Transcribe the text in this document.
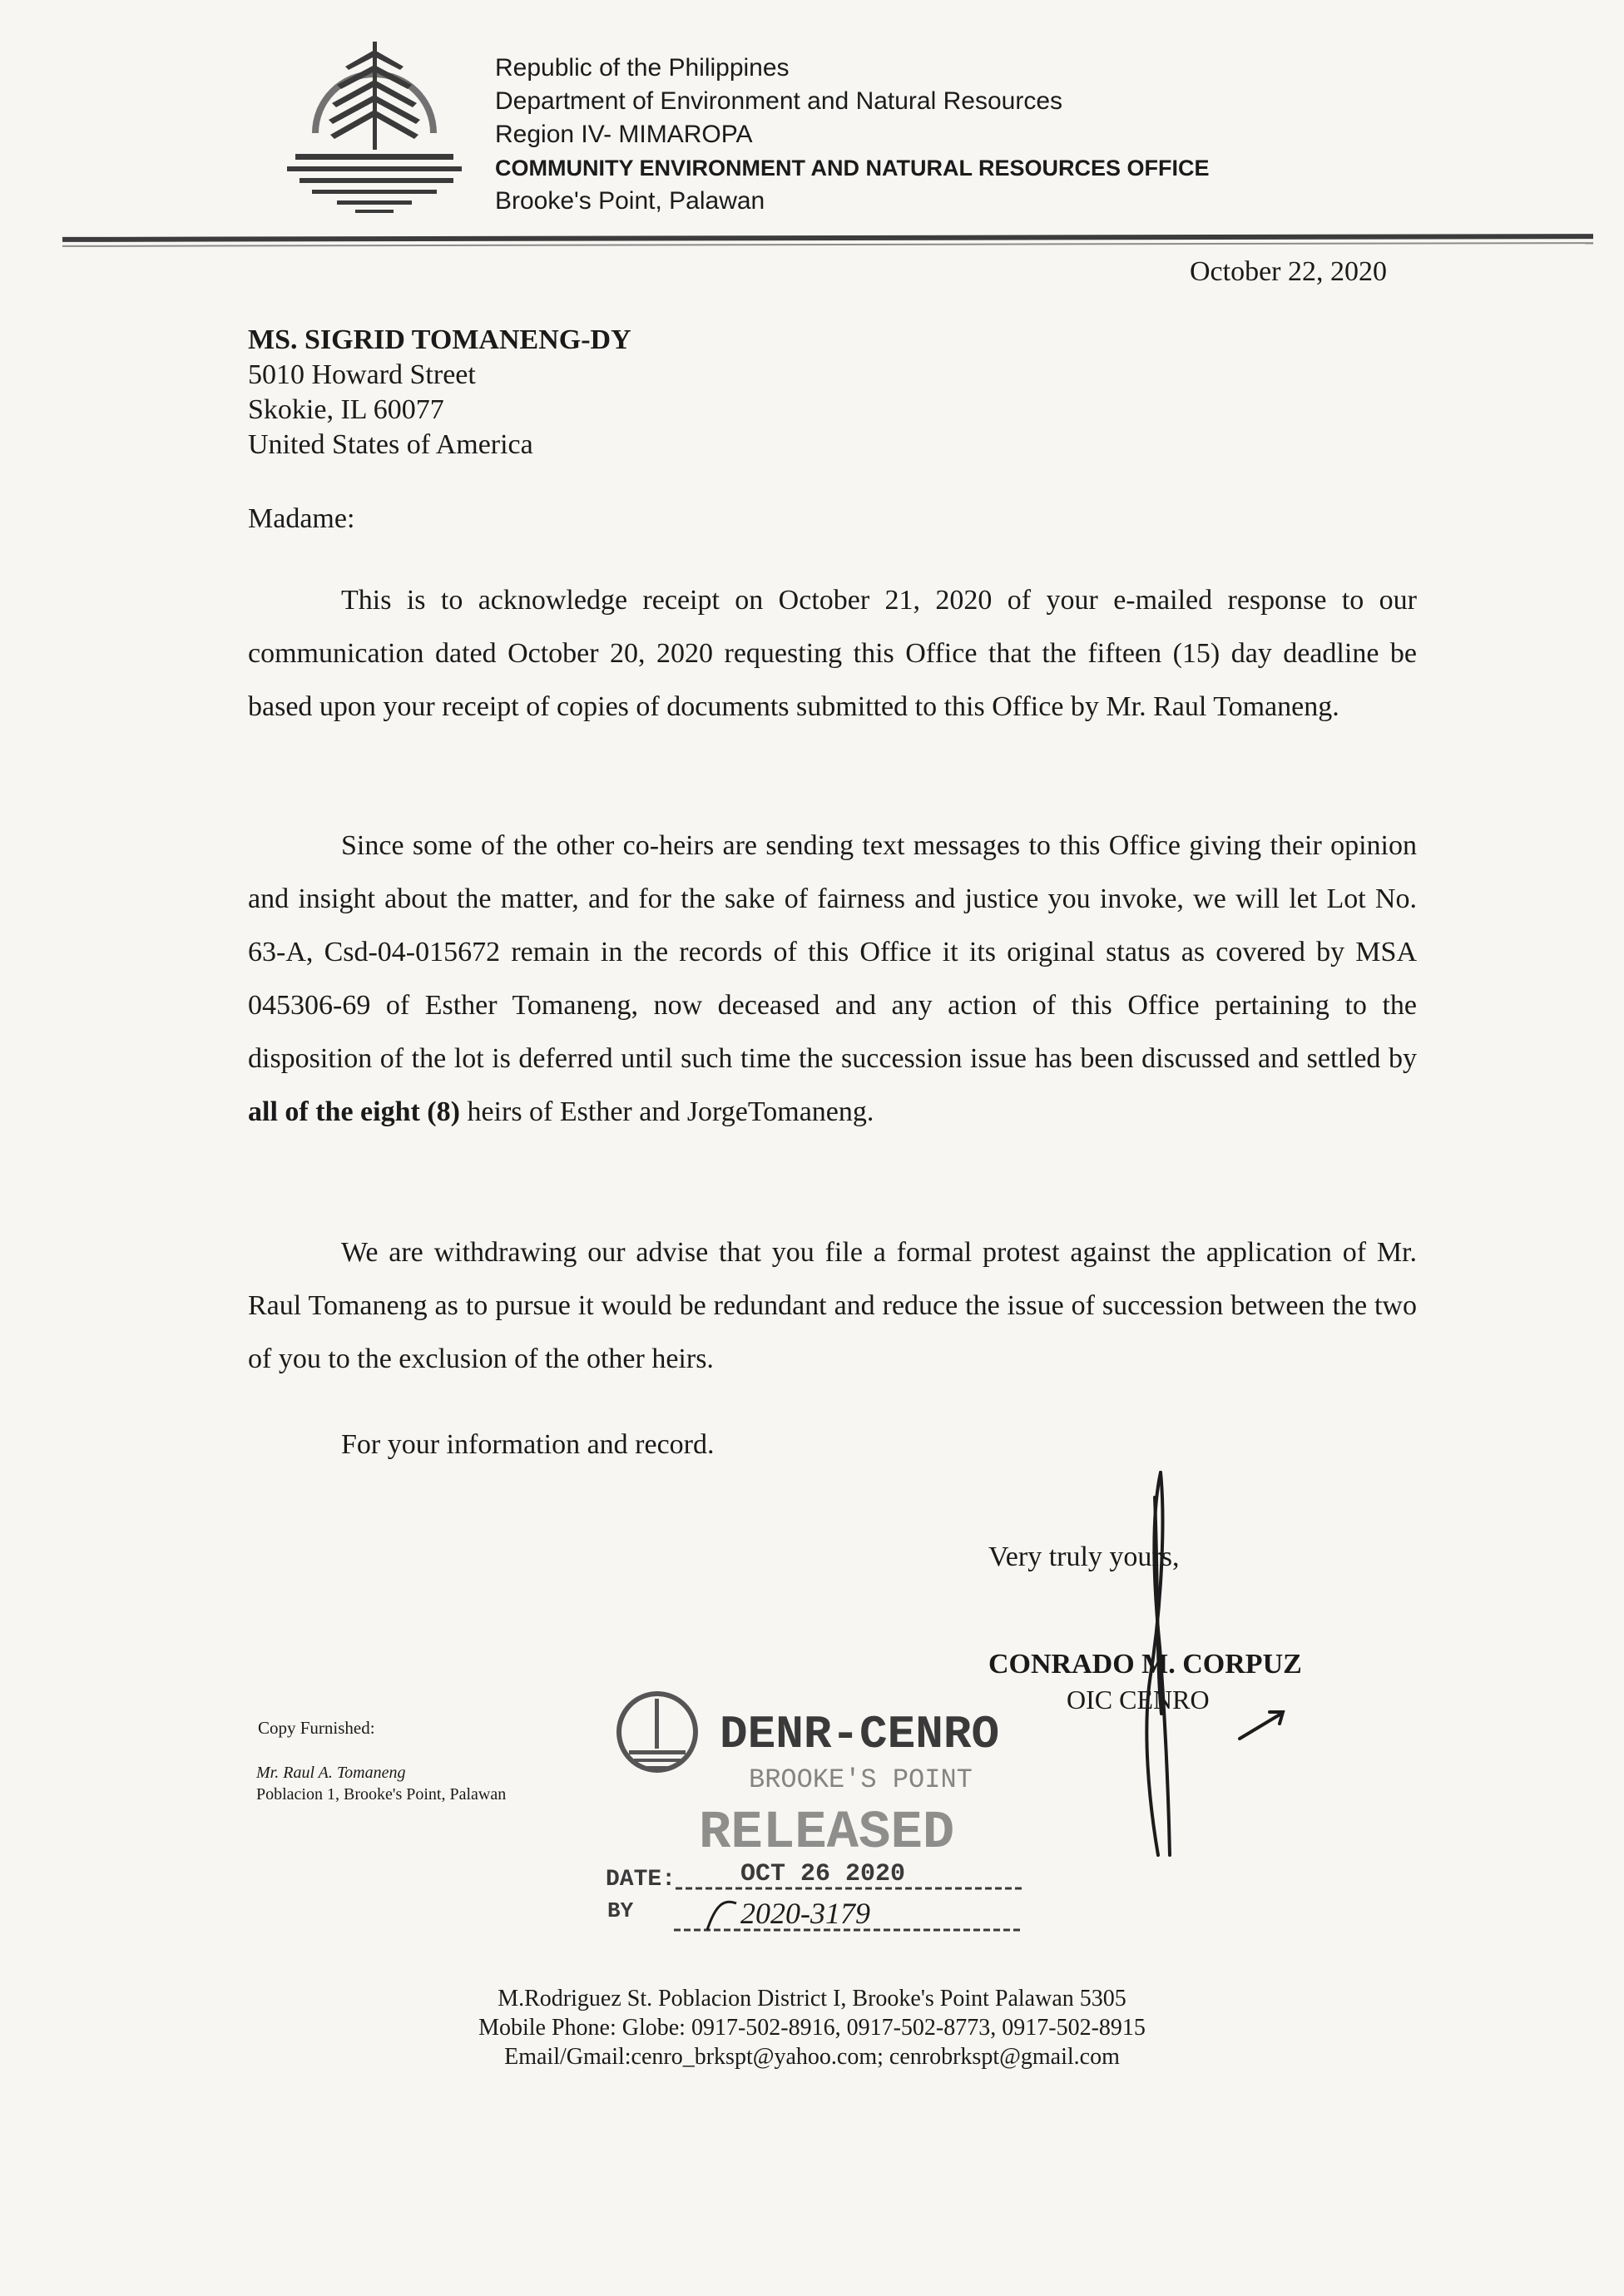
Republic of the Philippines
Department of Environment and Natural Resources
Region IV- MIMAROPA
COMMUNITY ENVIRONMENT AND NATURAL RESOURCES OFFICE
Brooke's Point, Palawan
October 22, 2020
MS. SIGRID TOMANENG-DY
5010 Howard Street
Skokie, IL 60077
United States of America
Madame:
This is to acknowledge receipt on October 21, 2020 of your e-mailed response to our communication dated October 20, 2020 requesting this Office that the fifteen (15) day deadline be based upon your receipt of copies of documents submitted to this Office by Mr. Raul Tomaneng.
Since some of the other co-heirs are sending text messages to this Office giving their opinion and insight about the matter, and for the sake of fairness and justice you invoke, we will let Lot No. 63-A, Csd-04-015672 remain in the records of this Office it its original status as covered by MSA 045306-69 of Esther Tomaneng, now deceased and any action of this Office pertaining to the disposition of the lot is deferred until such time the succession issue has been discussed and settled by all of the eight (8) heirs of Esther and JorgeTomaneng.
We are withdrawing our advise that you file a formal protest against the application of Mr. Raul Tomaneng as to pursue it would be redundant and reduce the issue of succession between the two of you to the exclusion of the other heirs.
For your information and record.
Very truly yours,
CONRADO M. CORPUZ
OIC CENRO
Copy Furnished:
Mr. Raul A. Tomaneng
Poblacion 1, Brooke's Point, Palawan
DENR-CENRO
BROOKE'S POINT
RELEASED
DATE:	OCT 26 2020
BY	2020-3179
M.Rodriguez St. Poblacion District I, Brooke's Point Palawan 5305
Mobile Phone: Globe: 0917-502-8916, 0917-502-8773, 0917-502-8915
Email/Gmail:cenro_brkspt@yahoo.com; cenrobrkspt@gmail.com
